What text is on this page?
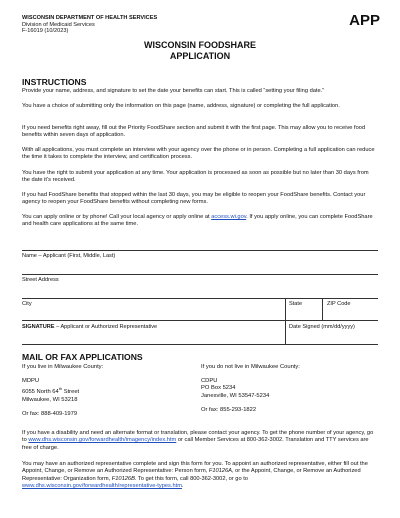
WISCONSIN DEPARTMENT OF HEALTH SERVICES
Division of Medicaid Services
F-16019 (10/2023)
APP
WISCONSIN FOODSHARE
APPLICATION
INSTRUCTIONS

Provide your name, address, and signature to set the date your benefits can start. This is called “setting your filing date.”

You have a choice of submitting only the information on this page (name, address, signature) or completing the full application.

If you need benefits right away, fill out the Priority FoodShare section and submit it with the first page. This may allow you to receive food benefits within seven days of application.

With all applications, you must complete an interview with your agency over the phone or in person. Completing a full application can reduce the time it takes to complete the interview, and certification process.

You have the right to submit your application at any time. Your application is processed as soon as possible but no later than 30 days from the date it’s received.

If you had FoodShare benefits that stopped within the last 30 days, you may be eligible to reopen your FoodShare benefits. Contact your agency to reopen your FoodShare benefits without completing new forms.

You can apply online or by phone! Call your local agency or apply online at access.wi.gov. If you apply online, you can complete FoodShare and health care applications at the same time.

Name – Applicant (First, Middle, Last)
Street Address
City	State	ZIP Code
SIGNATURE – Applicant or Authorized Representative	Date Signed (mm/dd/yyyy)
MAIL OR FAX APPLICATIONS
If you live in Milwaukee County:
MDPU
6055 North 64th Street
Milwaukee, WI 53218
Or fax: 888-409-1979
If you do not live in Milwaukee County:
CDPU
PO Box 5234
Janesville, WI 53547-5234
Or fax: 855-293-1822

If you have a disability and need an alternate format or translation, please contact your agency. To get the phone number of your agency, go to www.dhs.wisconsin.gov/forwardhealth/imagency/index.htm or call Member Services at 800-362-3002. Translation and TTY services are free of charge.

You may have an authorized representative complete and sign this form for you. To appoint an authorized representative, either fill out the Appoint, Change, or Remove an Authorized Representative: Person form, F10126A, or the Appoint, Change, or Remove an Authorized Representative: Organization form, F10126B. To get this form, call 800-362-3002, or go to www.dhs.wisconsin.gov/forwardhealth/representative-types.htm.
